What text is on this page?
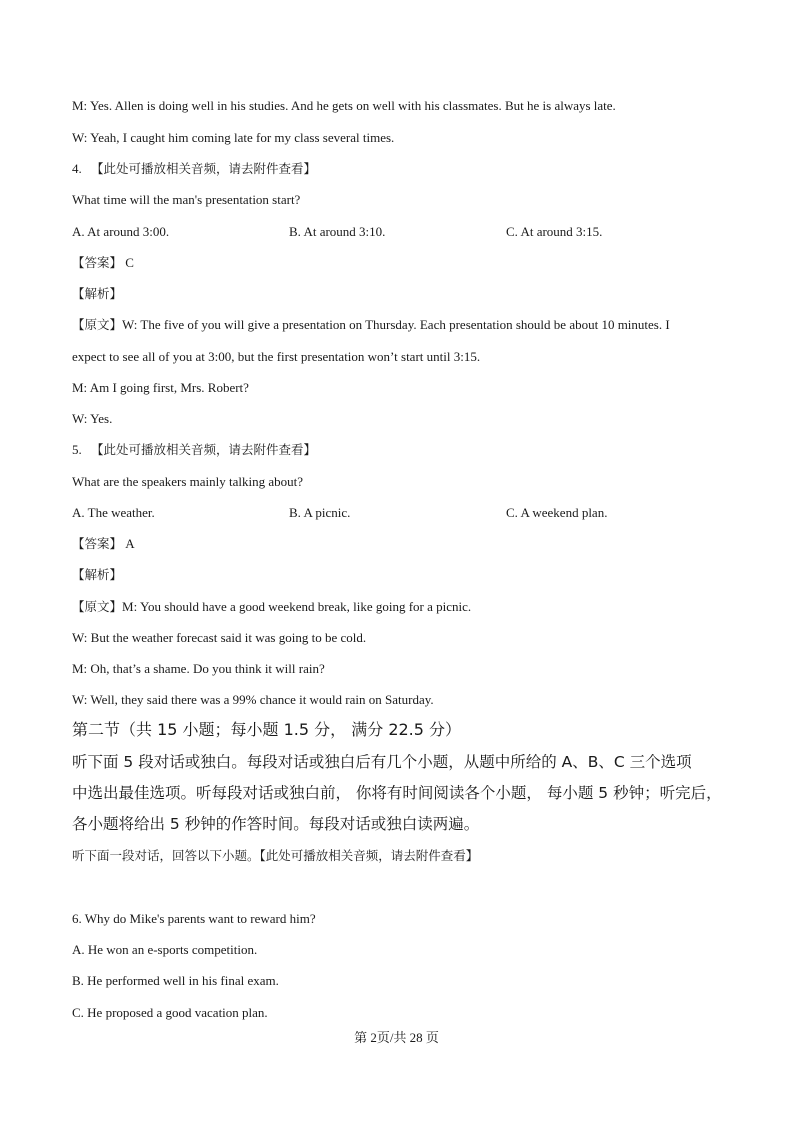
M: Yes. Allen is doing well in his studies. And he gets on well with his classmates. But he is always late.
W: Yeah, I caught him coming late for my class several times.
4. 【此处可播放相关音频，请去附件查看】
What time will the man's presentation start?
A. At around 3:00.	B. At around 3:10.	C. At around 3:15.
【答案】 C
【解析】
【原文】W: The five of you will give a presentation on Thursday. Each presentation should be about 10 minutes. I
expect to see all of you at 3:00, but the first presentation won’t start until 3:15.
M: Am I going first, Mrs. Robert?
W: Yes.
5. 【此处可播放相关音频，请去附件查看】
What are the speakers mainly talking about?
A. The weather.	B. A picnic.	C. A weekend plan.
【答案】 A
【解析】
【原文】M: You should have a good weekend break, like going for a picnic.
W: But the weather forecast said it was going to be cold.
M: Oh, that’s a shame. Do you think it will rain?
W: Well, they said there was a 99% chance it would rain on Saturday.
第二节（共 15 小题；每小题 1.5 分， 满分 22.5 分）
听下面 5 段对话或独白。每段对话或独白后有几个小题，从题中所给的 A、B、C 三个选项
中选出最佳选项。听每段对话或独白前， 你将有时间阅读各个小题， 每小题 5 秒钟；听完后，
各小题将给出 5 秒钟的作答时间。每段对话或独白读两遍。
听下面一段对话，回答以下小题。【此处可播放相关音频，请去附件查看】
6. Why do Mike's parents want to reward him?
A. He won an e-sports competition.
B. He performed well in his final exam.
C. He proposed a good vacation plan.
第 2页/共 28 页
